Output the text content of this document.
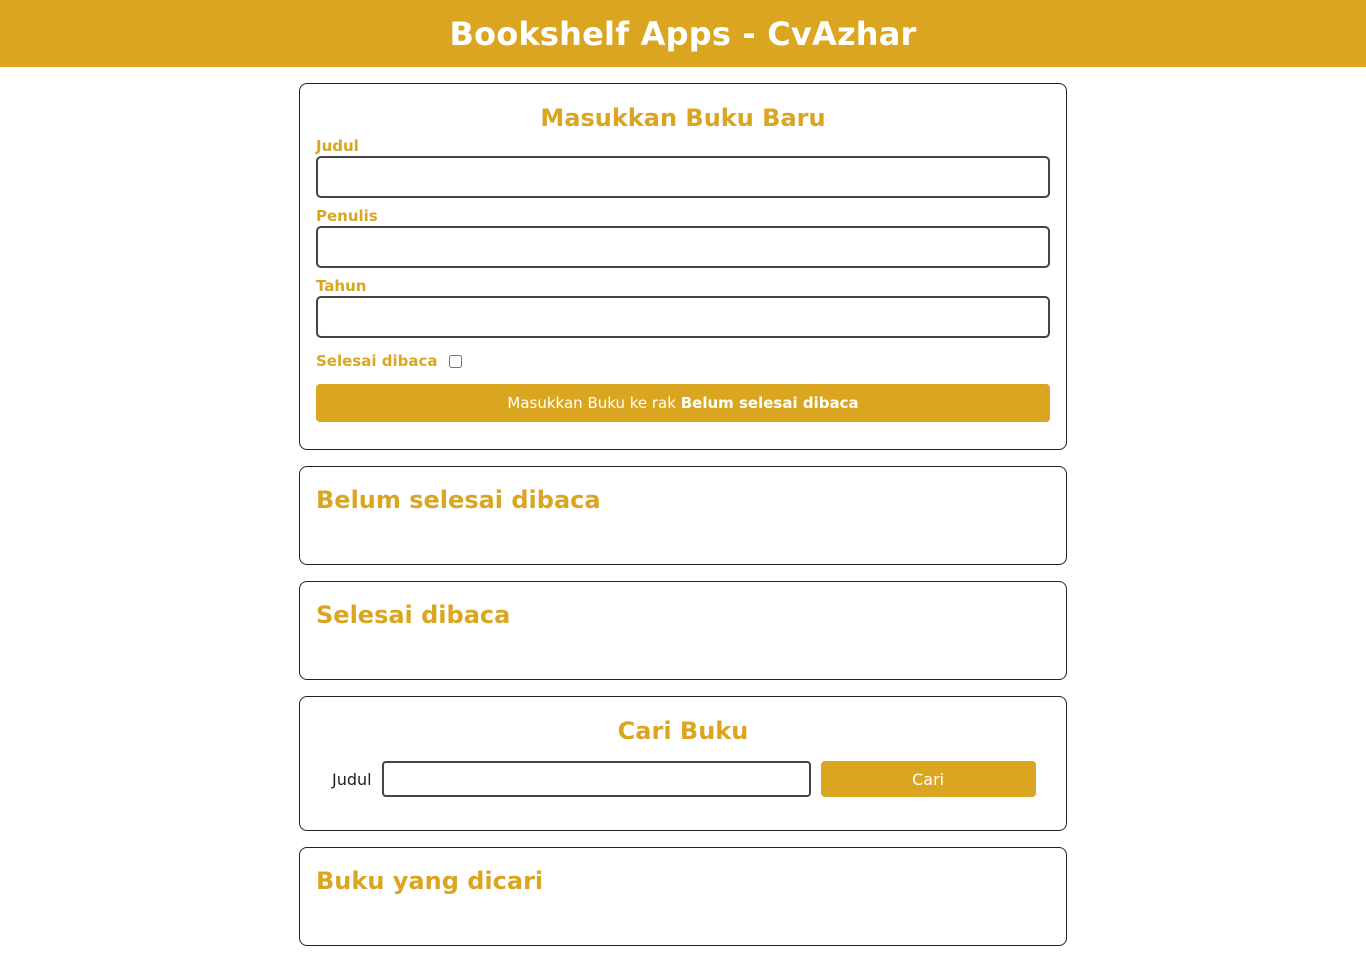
Bookshelf Apps - CvAzhar
Masukkan Buku Baru
Judul
Penulis
Tahun
Selesai dibaca
Masukkan Buku ke rak Belum selesai dibaca
Belum selesai dibaca
Selesai dibaca
Cari Buku
Judul	Cari
Buku yang dicari
